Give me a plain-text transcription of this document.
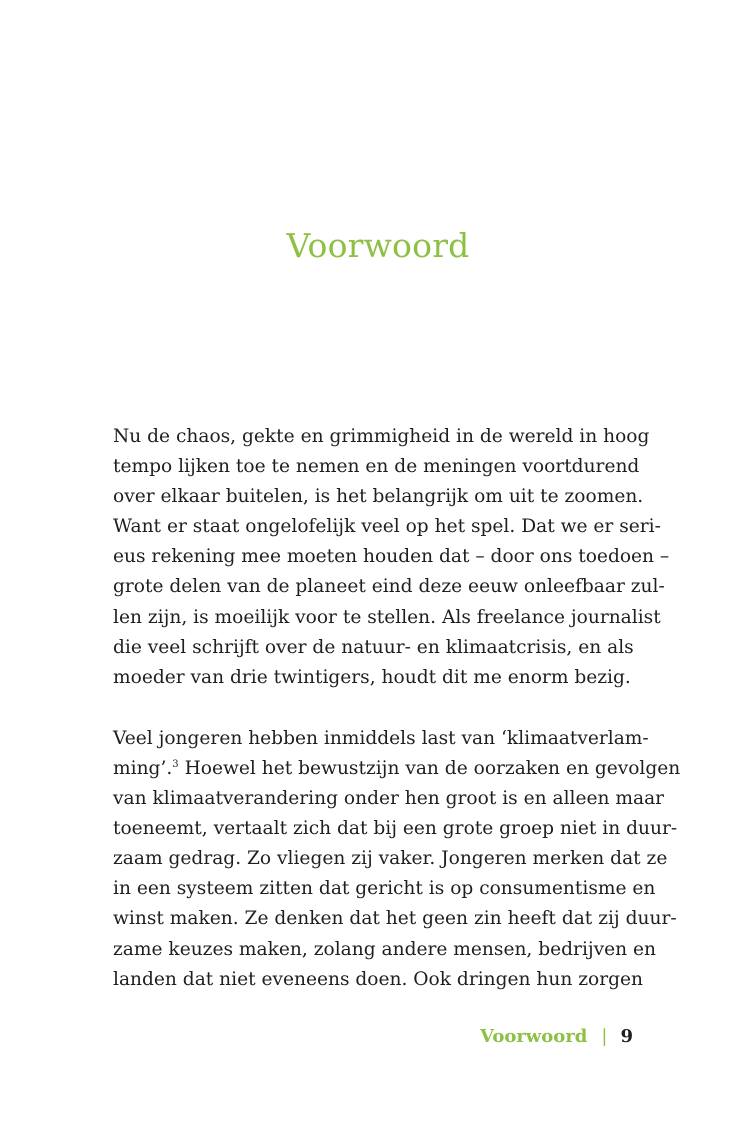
Voorwoord
Nu de chaos, gekte en grimmigheid in de wereld in hoog
tempo lijken toe te nemen en de meningen voortdurend
over elkaar buitelen, is het belangrijk om uit te zoomen.
Want er staat ongelofelijk veel op het spel. Dat we er seri-
eus rekening mee moeten houden dat – door ons toedoen –
grote delen van de planeet eind deze eeuw onleefbaar zul-
len zijn, is moeilijk voor te stellen. Als freelance journalist
die veel schrijft over de natuur- en klimaatcrisis, en als
moeder van drie twintigers, houdt dit me enorm bezig.
Veel jongeren hebben inmiddels last van ‘klimaatverlam-
ming’.$^3$ Hoewel het bewustzijn van de oorzaken en gevolgen
van klimaatverandering onder hen groot is en alleen maar
toeneemt, vertaalt zich dat bij een grote groep niet in duur-
zaam gedrag. Zo vliegen zij vaker. Jongeren merken dat ze
in een systeem zitten dat gericht is op consumentisme en
winst maken. Ze denken dat het geen zin heeft dat zij duur-
zame keuzes maken, zolang andere mensen, bedrijven en
landen dat niet eveneens doen. Ook dringen hun zorgen
Voorwoord | 9
